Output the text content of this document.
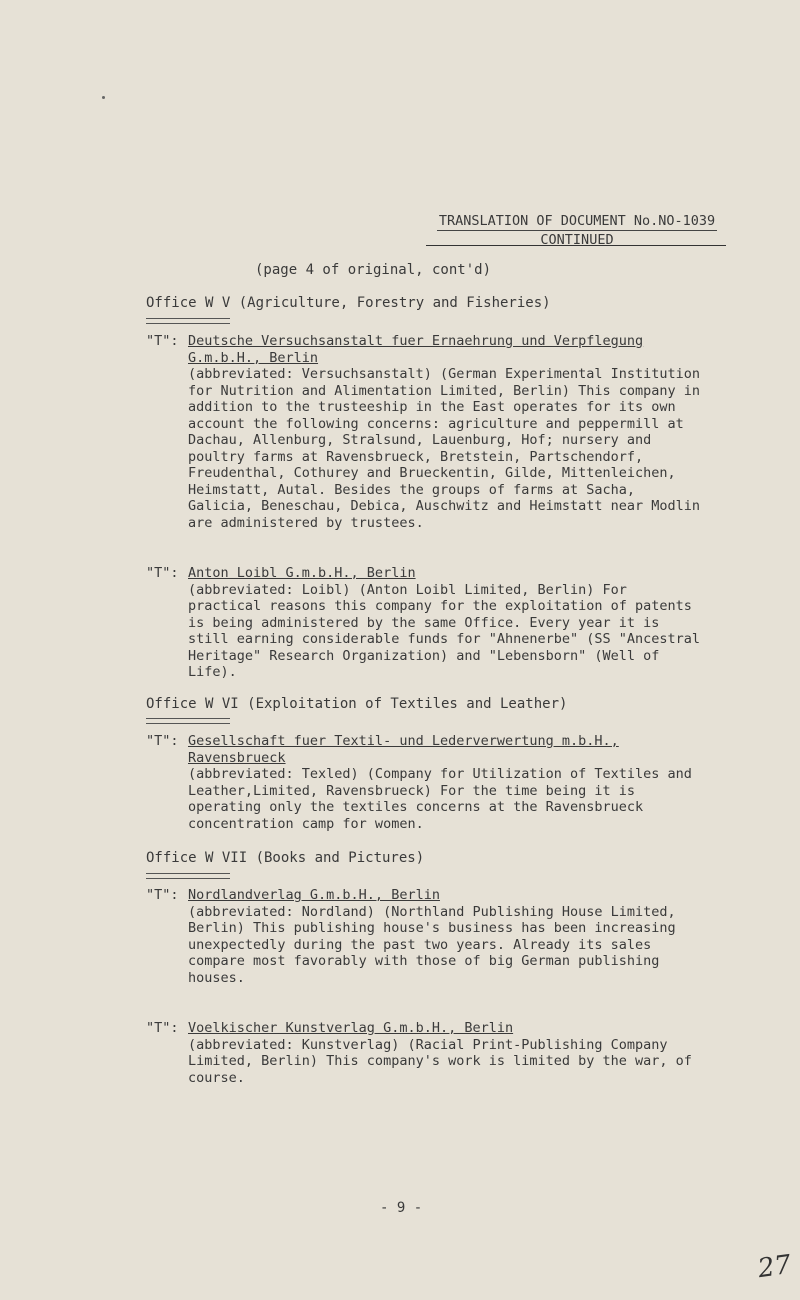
TRANSLATION OF DOCUMENT No.NO-1039
CONTINUED
(page 4 of original, cont'd)
Office W V (Agriculture, Forestry and Fisheries)
"T": Deutsche Versuchsanstalt fuer Ernaehrung und Verpflegung
G.m.b.H., Berlin

(abbreviated: Versuchsanstalt) (German Experimental Institution for Nutrition and Alimentation Limited, Berlin) This company in addition to the trusteeship in the East operates for its own account the following concerns: agriculture and peppermill at Dachau, Allenburg, Stralsund, Lauenburg, Hof; nursery and poultry farms at Ravensbrueck, Bretstein, Partschendorf, Freudenthal, Cothurey and Brueckentin, Gilde, Mittenleichen, Heimstatt, Autal. Besides the groups of farms at Sacha, Galicia, Beneschau, Debica, Auschwitz and Heimstatt near Modlin are administered by trustees.

"T": Anton Loibl G.m.b.H., Berlin

(abbreviated: Loibl) (Anton Loibl Limited, Berlin) For practical reasons this company for the exploitation of patents is being administered by the same Office. Every year it is still earning considerable funds for "Ahnenerbe" (SS "Ancestral Heritage" Research Organization) and "Lebensborn" (Well of Life).

Office W VI (Exploitation of Textiles and Leather)
"T": Gesellschaft fuer Textil- und Lederverwertung m.b.H.,
Ravensbrueck

(abbreviated: Texled) (Company for Utilization of Textiles and Leather,Limited, Ravensbrueck) For the time being it is operating only the textiles concerns at the Ravensbrueck concentration camp for women.

Office W VII (Books and Pictures)
"T": Nordlandverlag G.m.b.H., Berlin

(abbreviated: Nordland) (Northland Publishing House Limited, Berlin) This publishing house's business has been increasing unexpectedly during the past two years. Already its sales compare most favorably with those of big German publishing houses.

"T": Voelkischer Kunstverlag G.m.b.H., Berlin

(abbreviated: Kunstverlag) (Racial Print-Publishing Company Limited, Berlin) This company's work is limited by the war, of course.

- 9 -
27
